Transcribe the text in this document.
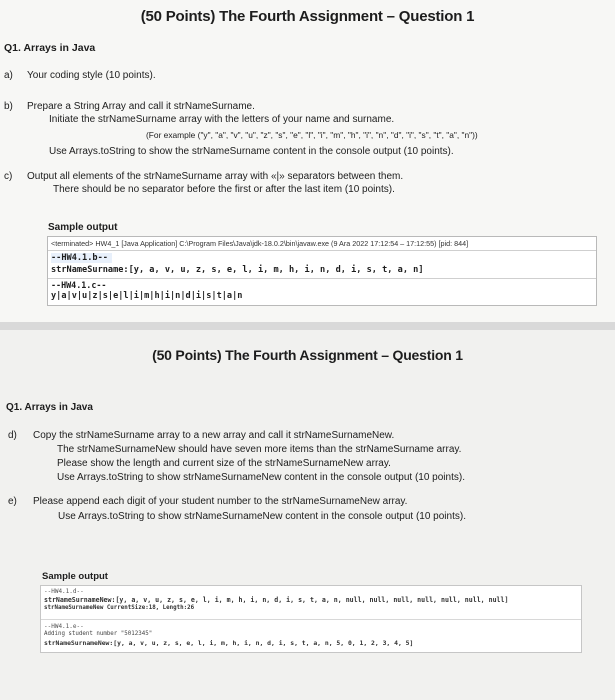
(50 Points) The Fourth Assignment – Question 1
Q1. Arrays in Java
a) Your coding style (10 points).
b) Prepare a String Array and call it strNameSurname.
Initiate the strNameSurname array with the letters of your name and surname.
(For example ("y", "a", "v", "u", "z", "s", "e", "l", "i", "m", "h", "i", "n", "d", "i", "s", "t", "a", "n"))
Use Arrays.toString to show the strNameSurname content in the console output (10 points).
c) Output all elements of the strNameSurname array with «|» separators between them.
There should be no separator before the first or after the last item (10 points).
Sample output
<terminated> HW4_1 [Java Application] C:\Program Files\Java\jdk-18.0.2\bin\javaw.exe (9 Ara 2022 17:12:54 – 17:12:55) [pid: 844]
--HW4.1.b--
strNameSurname:[y, a, v, u, z, s, e, l, i, m, h, i, n, d, i, s, t, a, n]
--HW4.1.c--
y|a|v|u|z|s|e|l|i|m|h|i|n|d|i|s|t|a|n
(50 Points) The Fourth Assignment – Question 1
Q1. Arrays in Java
d) Copy the strNameSurname array to a new array and call it strNameSurnameNew.
The strNameSurnameNew should have seven more items than the strNameSurname array.
Please show the length and current size of the strNameSurnameNew array.
Use Arrays.toString to show strNameSurnameNew content in the console output (10 points).
e) Please append each digit of your student number to the strNameSurnameNew array.
Use Arrays.toString to show strNameSurnameNew content in the console output (10 points).
Sample output
--HW4.1.d--
strNameSurnameNew:[y, a, v, u, z, s, e, l, i, m, h, i, n, d, i, s, t, a, n, null, null, null, null, null, null, null]
strNameSurnameNew CurrentSize:18, Length:26
--HW4.1.e--
Adding student number "5012345"
strNameSurnameNew:[y, a, v, u, z, s, e, l, i, m, h, i, n, d, i, s, t, a, n, 5, 0, 1, 2, 3, 4, 5]
